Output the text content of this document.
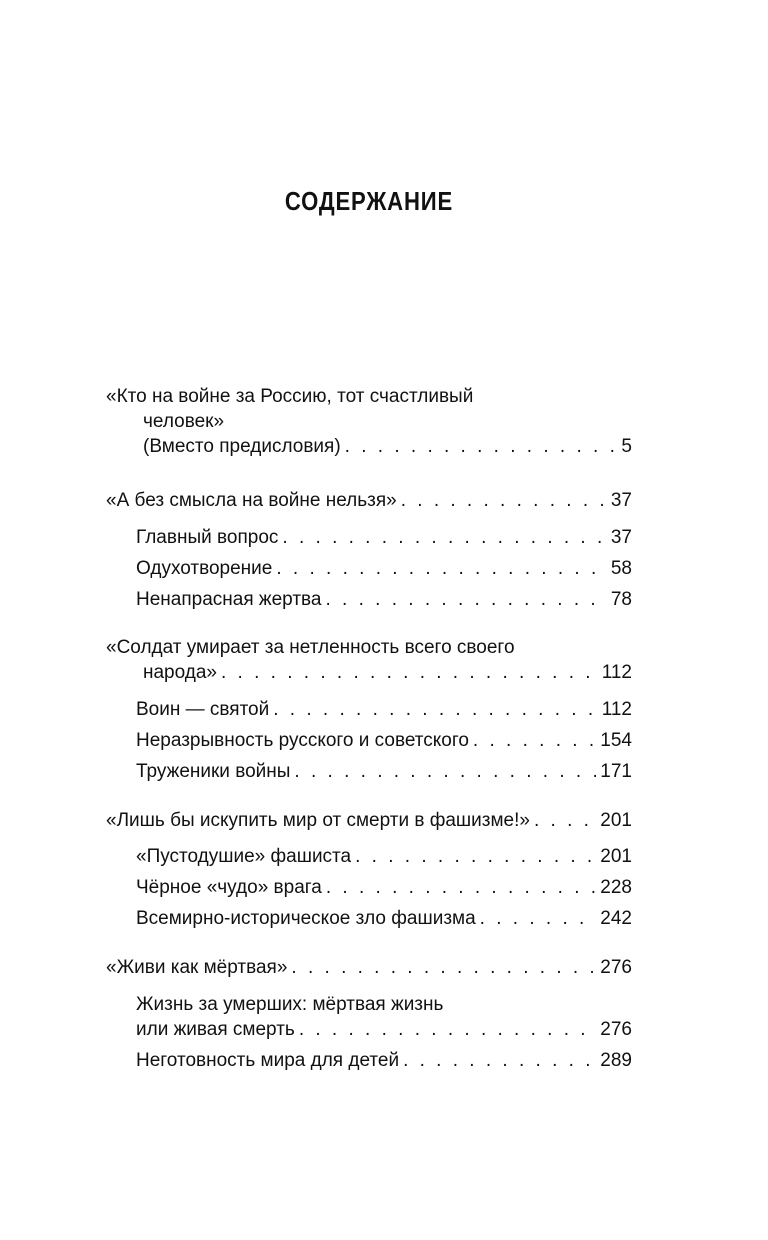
СОДЕРЖАНИЕ
«Кто на войне за Россию, тот счастливый
человек»
(Вместо предисловия) . . .	5
«А без смысла на войне нельзя» . . .	37
Главный вопрос . . .	37
Одухотворение . . .	58
Ненапрасная жертва . . .	78
«Солдат умирает за нетленность всего своего
народа» . . .	112
Воин — святой . . .	112
Неразрывность русского и советского . . .	154
Труженики войны . . .	171
«Лишь бы искупить мир от смерти в фашизме!» . . .	201
«Пустодушие» фашиста . . .	201
Чёрное «чудо» врага . . .	228
Всемирно-историческое зло фашизма . . .	242
«Живи как мёртвая» . . .	276
Жизнь за умерших: мёртвая жизнь
или живая смерть . . .	276
Неготовность мира для детей . . .	289
